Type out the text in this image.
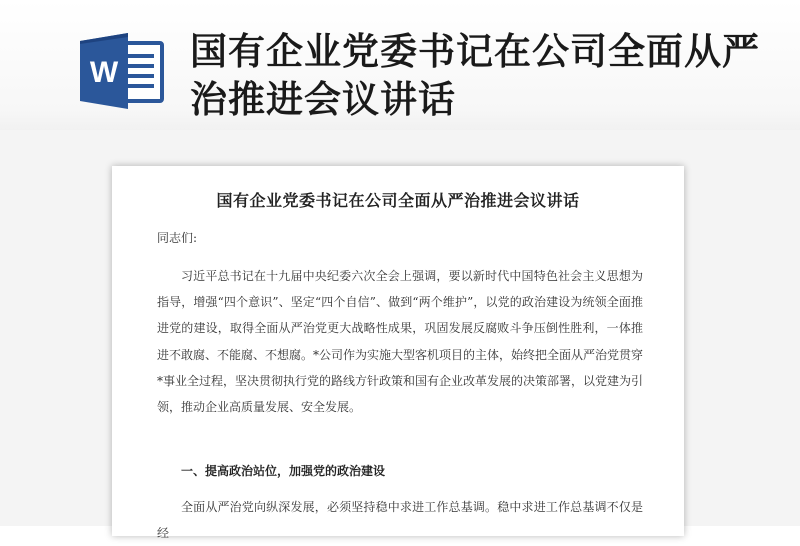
W 国有企业党委书记在公司全面从严治推进会议讲话
国有企业党委书记在公司全面从严治推进会议讲话
同志们:

习近平总书记在十九届中央纪委六次全会上强调，要以新时代中国特色社会主义思想为指导，增强“四个意识”、坚定“四个自信”、做到“两个维护”，以党的政治建设为统领全面推进党的建设，取得全面从严治党更大战略性成果，巩固发展反腐败斗争压倒性胜利，一体推进不敢腐、不能腐、不想腐。*公司作为实施大型客机项目的主体，始终把全面从严治党贯穿*事业全过程，坚决贯彻执行党的路线方针政策和国有企业改革发展的决策部署，以党建为引领，推动企业高质量发展、安全发展。

一、提高政治站位，加强党的政治建设

全面从严治党向纵深发展，必须坚持稳中求进工作总基调。稳中求进工作总基调不仅是经
